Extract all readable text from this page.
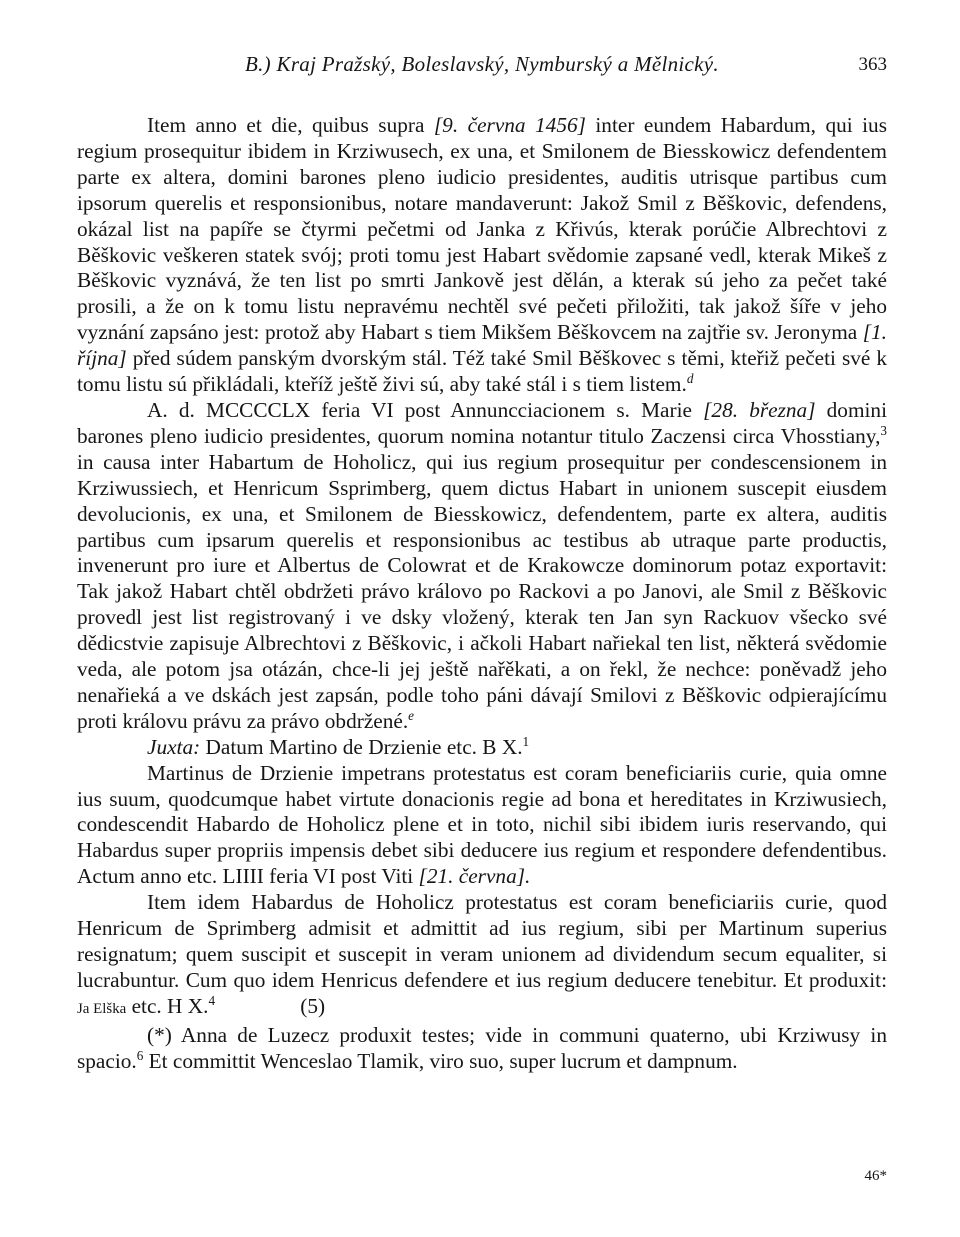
B.) Kraj Pražský, Boleslavský, Nymburský a Mělnický.	363

Item anno et die, quibus supra [9. června 1456] inter eundem Habardum, qui ius regium prosequitur ibidem in Krziwusech, ex una, et Smilonem de Biesskowicz defendentem parte ex altera, domini barones pleno iudicio presidentes, auditis utrisque partibus cum ipsorum querelis et responsionibus, notare mandaverunt: Jakož Smil z Běškovic, defendens, okázal list na papíře se čtyrmi pečetmi od Janka z Křivús, kterak porúčie Albrechtovi z Běškovic veškeren statek svój; proti tomu jest Habart svědomie zapsané vedl, kterak Mikeš z Běškovic vyznává, že ten list po smrti Jankově jest dělán, a kterak sú jeho za pečet také prosili, a že on k tomu listu nepravému nechtěl své pečeti přiložiti, tak jakož šíře v jeho vyznání zapsáno jest: protož aby Habart s tiem Mikšem Běškovcem na zajtřie sv. Jeronyma [1. října] před súdem panským dvorským stál. Též také Smil Běškovec s těmi, kteřiž pečeti své k tomu listu sú přikládali, kteříž ještě živi sú, aby také stál i s tiem listem.$^d$

A. d. MCCCCLX feria VI post Annuncciacionem s. Marie [28. března] domini barones pleno iudicio presidentes, quorum nomina notantur titulo Zaczensi circa Vhosstiany,$^3$ in causa inter Habartum de Hoholicz, qui ius regium prosequitur per condescensionem in Krziwussiech, et Henricum Ssprimberg, quem dictus Habart in unionem suscepit eiusdem devolucionis, ex una, et Smilonem de Biesskowicz, defendentem, parte ex altera, auditis partibus cum ipsarum querelis et responsionibus ac testibus ab utraque parte productis, invenerunt pro iure et Albertus de Colowrat et de Krakowcze dominorum potaz exportavit: Tak jakož Habart chtěl obdržeti právo královo po Rackovi a po Janovi, ale Smil z Běškovic provedl jest list registrovaný i ve dsky vložený, kterak ten Jan syn Rackuov všecko své dědicstvie zapisuje Albrechtovi z Běškovic, i ačkoli Habart nařiekal ten list, některá svědomie veda, ale potom jsa otázán, chce-li jej ještě nařěkati, a on řekl, že nechce: poněvadž jeho nenařieká a ve dskách jest zapsán, podle toho páni dávají Smilovi z Běškovic odpierajícímu proti královu právu za právo obdržené.$^e$

Juxta: Datum Martino de Drzienie etc. B X.$^1$

Martinus de Drzienie impetrans protestatus est coram beneficiariis curie, quia omne ius suum, quodcumque habet virtute donacionis regie ad bona et hereditates in Krziwusiech, condescendit Habardo de Hoholicz plene et in toto, nichil sibi ibidem iuris reservando, qui Habardus super propriis impensis debet sibi deducere ius regium et respondere defendentibus. Actum anno etc. LIIII feria VI post Viti [21. června].

Item idem Habardus de Hoholicz protestatus est coram beneficiariis curie, quod Henricum de Sprimberg admisit et admittit ad ius regium, sibi per Martinum superius resignatum; quem suscipit et suscepit in veram unionem ad dividendum secum equaliter, si lucrabuntur. Cum quo idem Henricus defendere et ius regium deducere tenebitur. Et produxit: Ja Elška etc. H X.$^4$                (5)

(*) Anna de Luzecz produxit testes; vide in communi quaterno, ubi Krziwusy in spacio.$^6$ Et committit Wenceslao Tlamik, viro suo, super lucrum et dampnum.

46*
